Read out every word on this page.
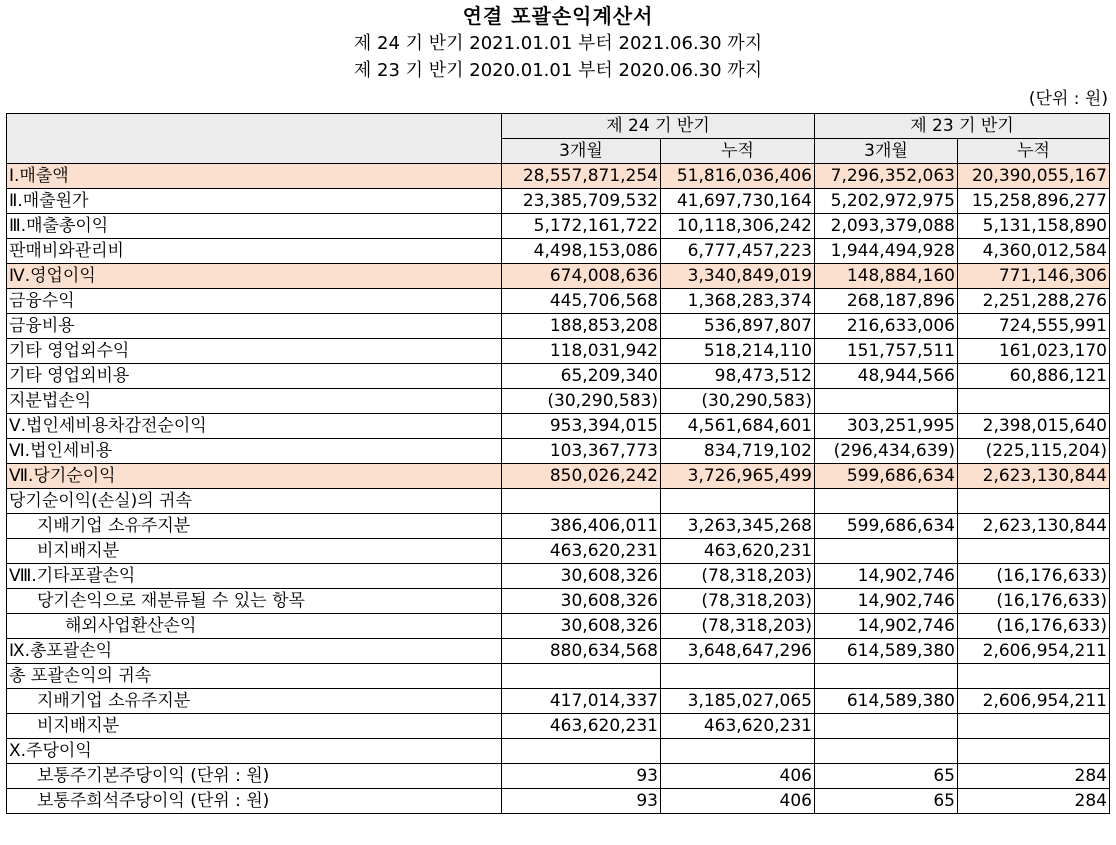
연결 포괄손익계산서
제 24 기 반기 2021.01.01 부터 2021.06.30 까지
제 23 기 반기 2020.01.01 부터 2020.06.30 까지
(단위 : 원)
	제 24 기 반기		제 23 기 반기	
	3개월	누적	3개월	누적
Ⅰ.매출액	28,557,871,254	51,816,036,406	7,296,352,063	20,390,055,167
Ⅱ.매출원가	23,385,709,532	41,697,730,164	5,202,972,975	15,258,896,277
Ⅲ.매출총이익	5,172,161,722	10,118,306,242	2,093,379,088	5,131,158,890
판매비와관리비	4,498,153,086	6,777,457,223	1,944,494,928	4,360,012,584
Ⅳ.영업이익	674,008,636	3,340,849,019	148,884,160	771,146,306
금융수익	445,706,568	1,368,283,374	268,187,896	2,251,288,276
금융비용	188,853,208	536,897,807	216,633,006	724,555,991
기타 영업외수익	118,031,942	518,214,110	151,757,511	161,023,170
기타 영업외비용	65,209,340	98,473,512	48,944,566	60,886,121
지분법손익	(30,290,583)	(30,290,583)		
Ⅴ.법인세비용차감전순이익	953,394,015	4,561,684,601	303,251,995	2,398,015,640
Ⅵ.법인세비용	103,367,773	834,719,102	(296,434,639)	(225,115,204)
Ⅶ.당기순이익	850,026,242	3,726,965,499	599,686,634	2,623,130,844
당기순이익(손실)의 귀속				
지배기업 소유주지분	386,406,011	3,263,345,268	599,686,634	2,623,130,844
비지배지분	463,620,231	463,620,231		
Ⅷ.기타포괄손익	30,608,326	(78,318,203)	14,902,746	(16,176,633)
당기손익으로 재분류될 수 있는 항목	30,608,326	(78,318,203)	14,902,746	(16,176,633)
해외사업환산손익	30,608,326	(78,318,203)	14,902,746	(16,176,633)
Ⅸ.총포괄손익	880,634,568	3,648,647,296	614,589,380	2,606,954,211
총 포괄손익의 귀속				
지배기업 소유주지분	417,014,337	3,185,027,065	614,589,380	2,606,954,211
비지배지분	463,620,231	463,620,231		
Ⅹ.주당이익				
보통주기본주당이익 (단위 : 원)	93	406	65	284
보통주희석주당이익 (단위 : 원)	93	406	65	284
